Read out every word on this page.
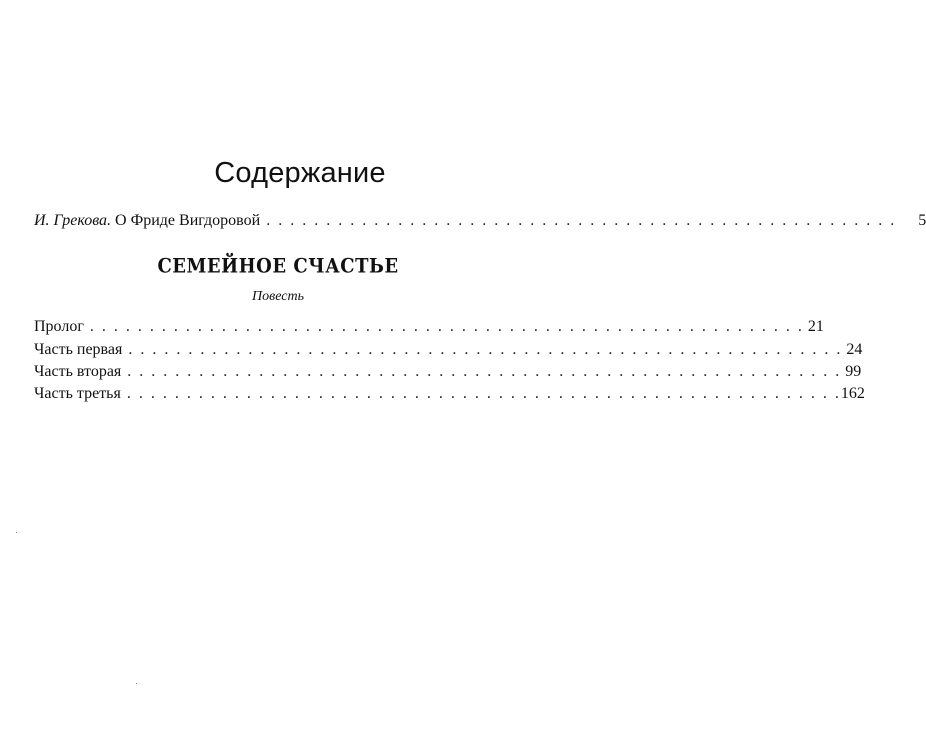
Содержание
И. Грекова. О Фриде Вигдоровой . . . . . . . . . . . . . . . . . . . . . . . . . . . . . . . . . . . . . . . . . . . . . . . . . . . . .	5
СЕМЕЙНОЕ СЧАСТЬЕ
Повесть
Пролог . . . . . . . . . . . . . . . . . . . . . . . . . . . . . . . . . . . . . . . . . . . . . . . . . . . . . . . . . . . . 21
Часть первая . . . . . . . . . . . . . . . . . . . . . . . . . . . . . . . . . . . . . . . . . . . . . . . . . . . . . . . . . . . . 24
Часть вторая . . . . . . . . . . . . . . . . . . . . . . . . . . . . . . . . . . . . . . . . . . . . . . . . . . . . . . . . . . . . 99
Часть третья . . . . . . . . . . . . . . . . . . . . . . . . . . . . . . . . . . . . . . . . . . . . . . . . . . . . . . . . . . . . 162
